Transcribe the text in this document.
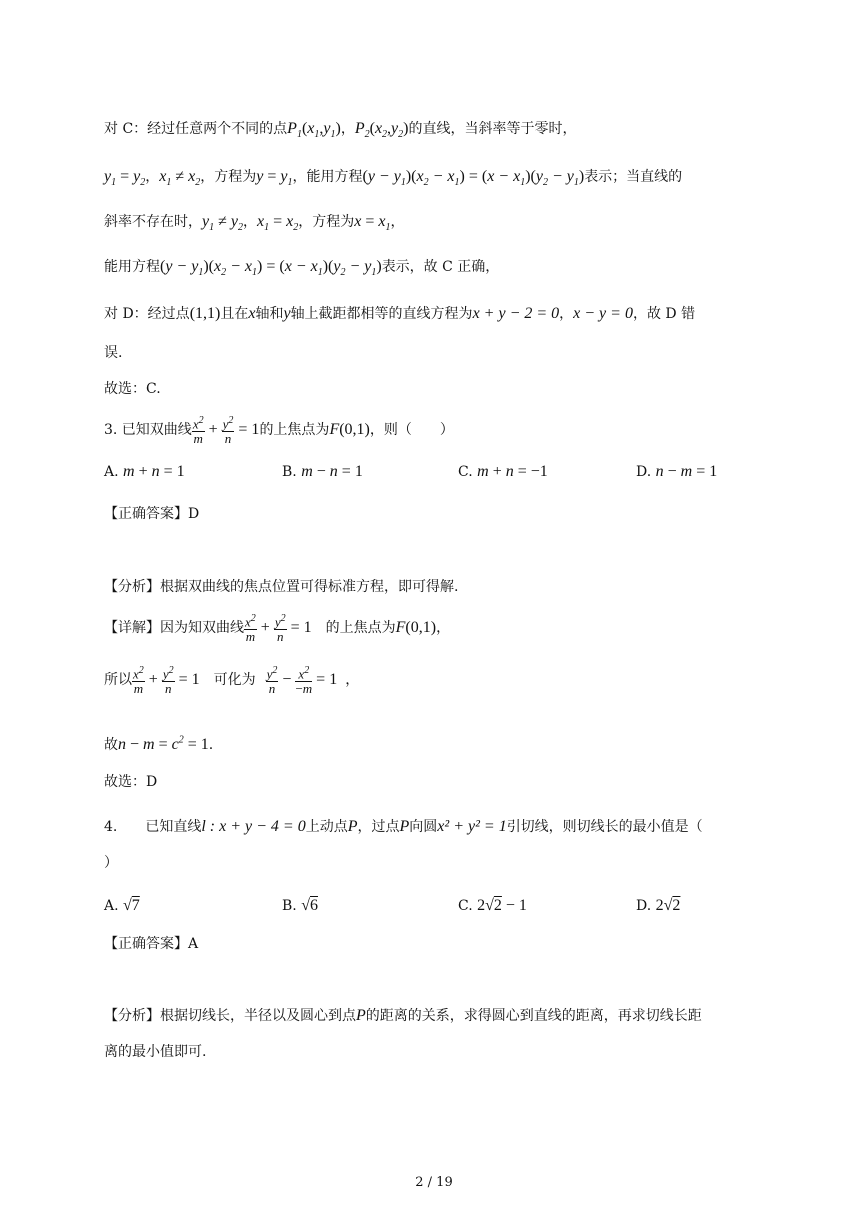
对 C：经过任意两个不同的点$P_1(x_1,y_1)$，$P_2(x_2,y_2)$的直线，当斜率等于零时，
$y_1 = y_2$，$x_1 \ne x_2$，方程为$y = y_1$，能用方程$(y - y_1)(x_2 - x_1) = (x - x_1)(y_2 - y_1)$表示；当直线的
斜率不存在时，$y_1 \ne y_2$，$x_1 = x_2$，方程为$x = x_1$，
能用方程$(y - y_1)(x_2 - x_1) = (x - x_1)(y_2 - y_1)$表示，故 C 正确，
对 D：经过点(1,1)且在x轴和y轴上截距都相等的直线方程为x + y − 2 = 0，x − y = 0，故 D 错
误.
故选：C.
3. 已知双曲线 $\frac{x^2}{m} + \frac{y^2}{n} = 1$的上焦点为F(0,1)，则（　　）
A. m + n = 1	B. m − n = 1	C. m + n = −1	D. n − m = 1
【正确答案】D
【分析】根据双曲线的焦点位置可得标准方程，即可得解.
【详解】因为知双曲线 $\frac{x^2}{m} + \frac{y^2}{n} = 1$ 的上焦点为F(0,1)，
所以 $\frac{x^2}{m} + \frac{y^2}{n} = 1$ 可化为 $\frac{y^2}{n} - \frac{x^2}{-m} = 1$ ，
故$n - m = c^2 = 1$.
故选：D
4.　　已知直线l : x + y − 4 = 0上动点P，过点P向圆x² + y² = 1引切线，则切线长的最小值是（
）
A. √7	B. √6	C. 2√2 − 1	D. 2√2
【正确答案】A
【分析】根据切线长，半径以及圆心到点P的距离的关系，求得圆心到直线的距离，再求切线长距
离的最小值即可.
2 / 19
